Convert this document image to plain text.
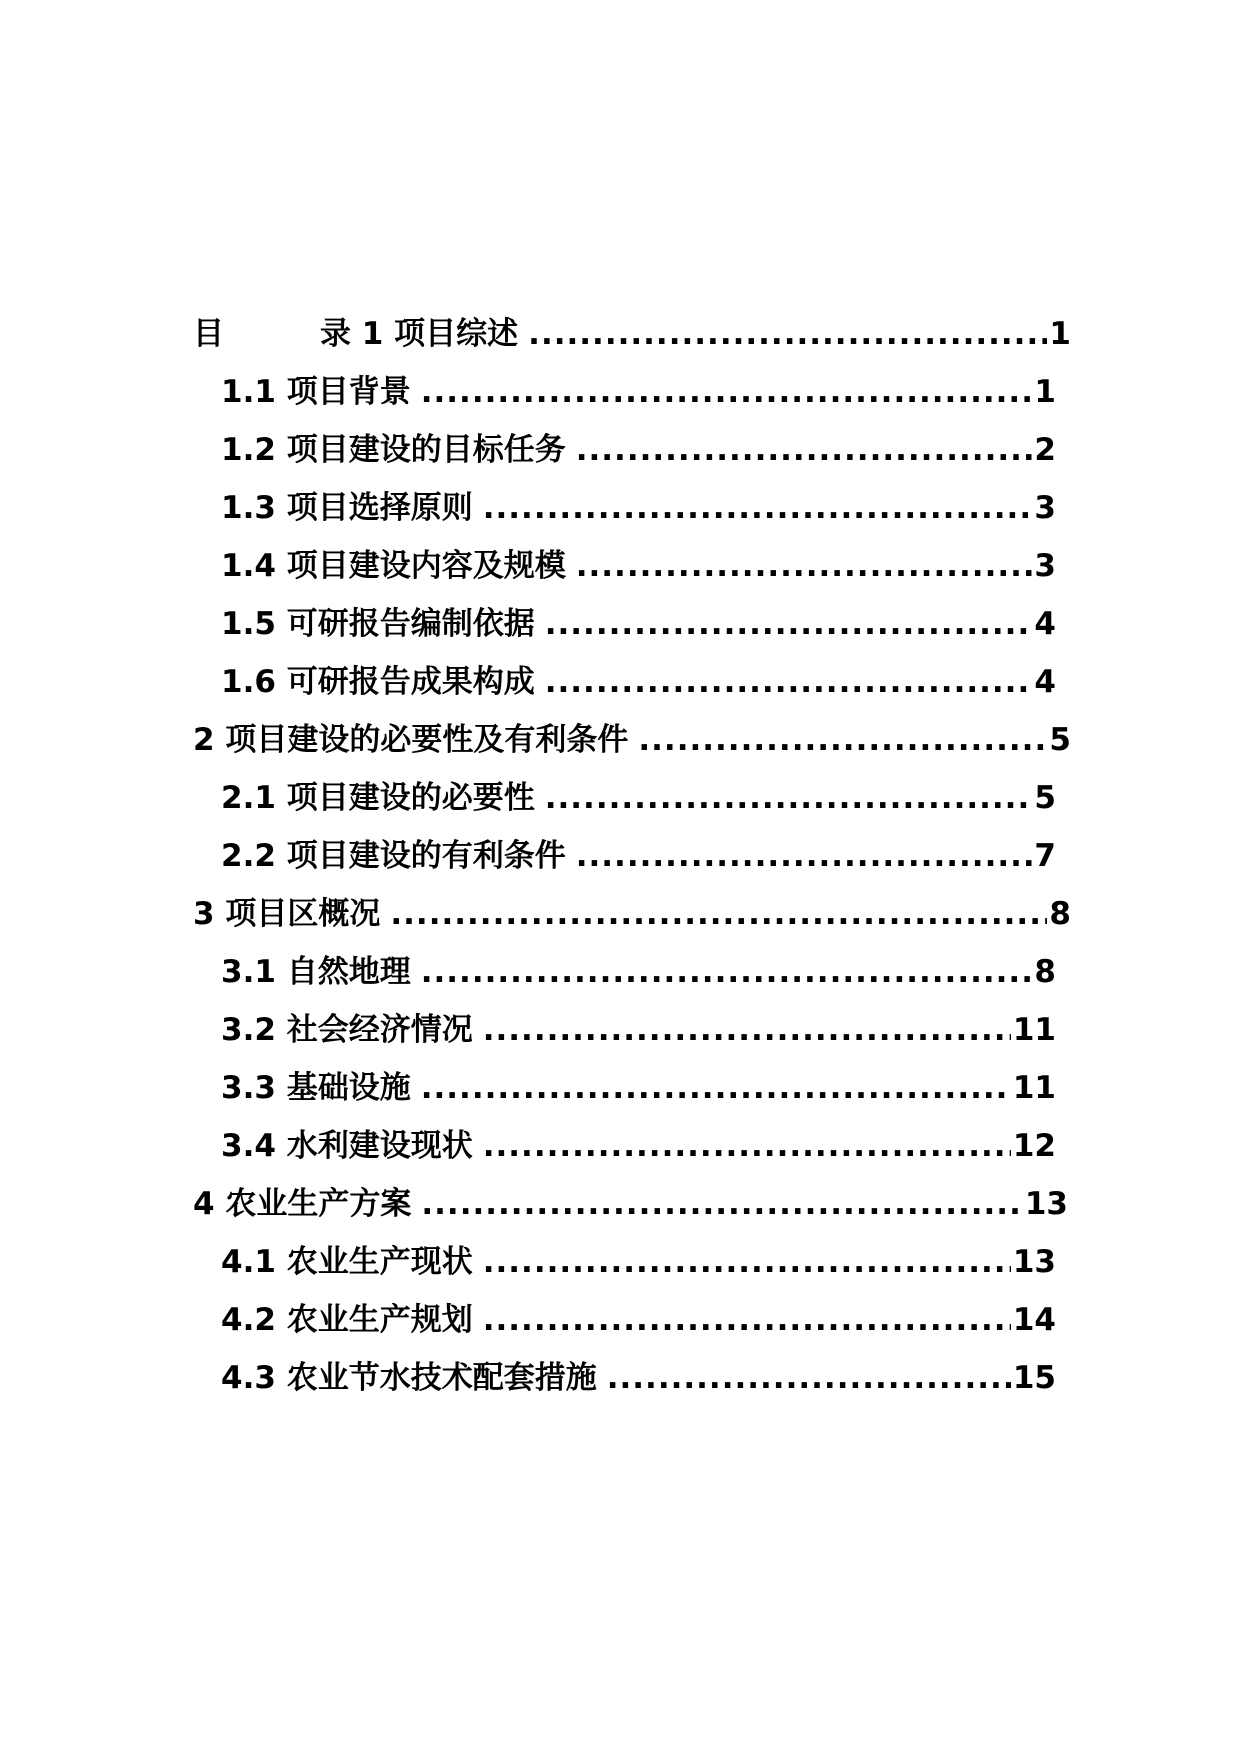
目	录 1 项目综述 .....	1
1.1 项目背景 .....	1
1.2 项目建设的目标任务 .....	2
1.3 项目选择原则 .....	3
1.4 项目建设内容及规模 .....	3
1.5 可研报告编制依据 .....	4
1.6 可研报告成果构成 .....	4
2 项目建设的必要性及有利条件 .....	5
2.1 项目建设的必要性 .....	5
2.2 项目建设的有利条件 .....	7
3 项目区概况 .....	8
3.1 自然地理 .....	8
3.2 社会经济情况 .....	11
3.3 基础设施 .....	11
3.4 水利建设现状 .....	12
4 农业生产方案 .....	13
4.1 农业生产现状 .....	13
4.2 农业生产规划 .....	14
4.3 农业节水技术配套措施 .....	15
